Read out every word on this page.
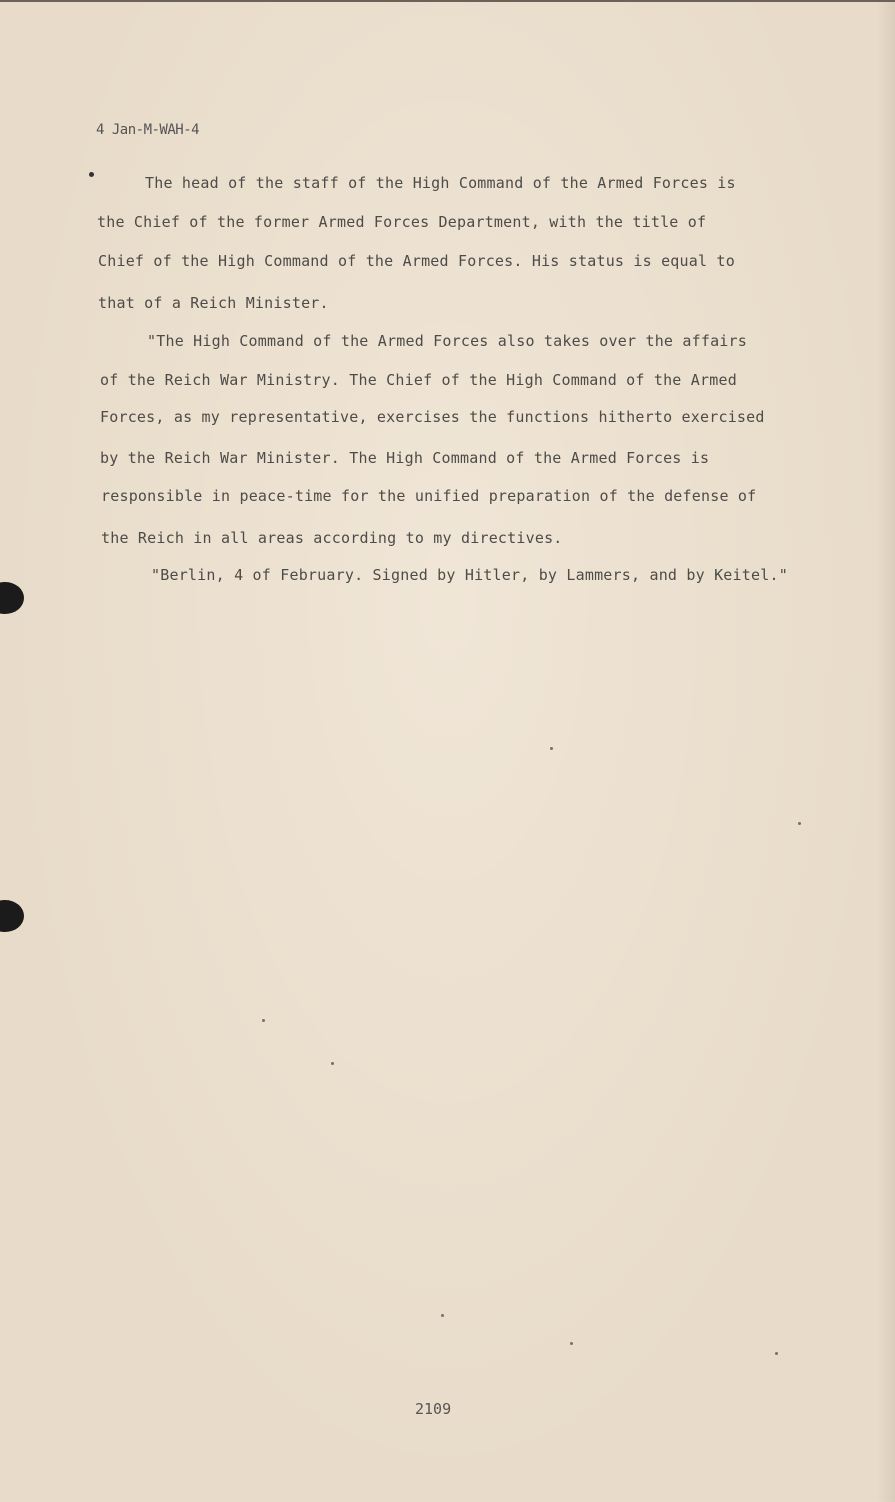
4 Jan-M-WAH-4
The head of the staff of the High Command of the Armed Forces is
the Chief of the former Armed Forces Department, with the title of
Chief of the High Command of the Armed Forces. His status is equal to
that of a Reich Minister.
"The High Command of the Armed Forces also takes over the affairs
of the Reich War Ministry. The Chief of the High Command of the Armed
Forces, as my representative, exercises the functions hitherto exercised
by the Reich War Minister. The High Command of the Armed Forces is
responsible in peace-time for the unified preparation of the defense of
the Reich in all areas according to my directives.
"Berlin, 4 of February. Signed by Hitler, by Lammers, and by Keitel."
2109
